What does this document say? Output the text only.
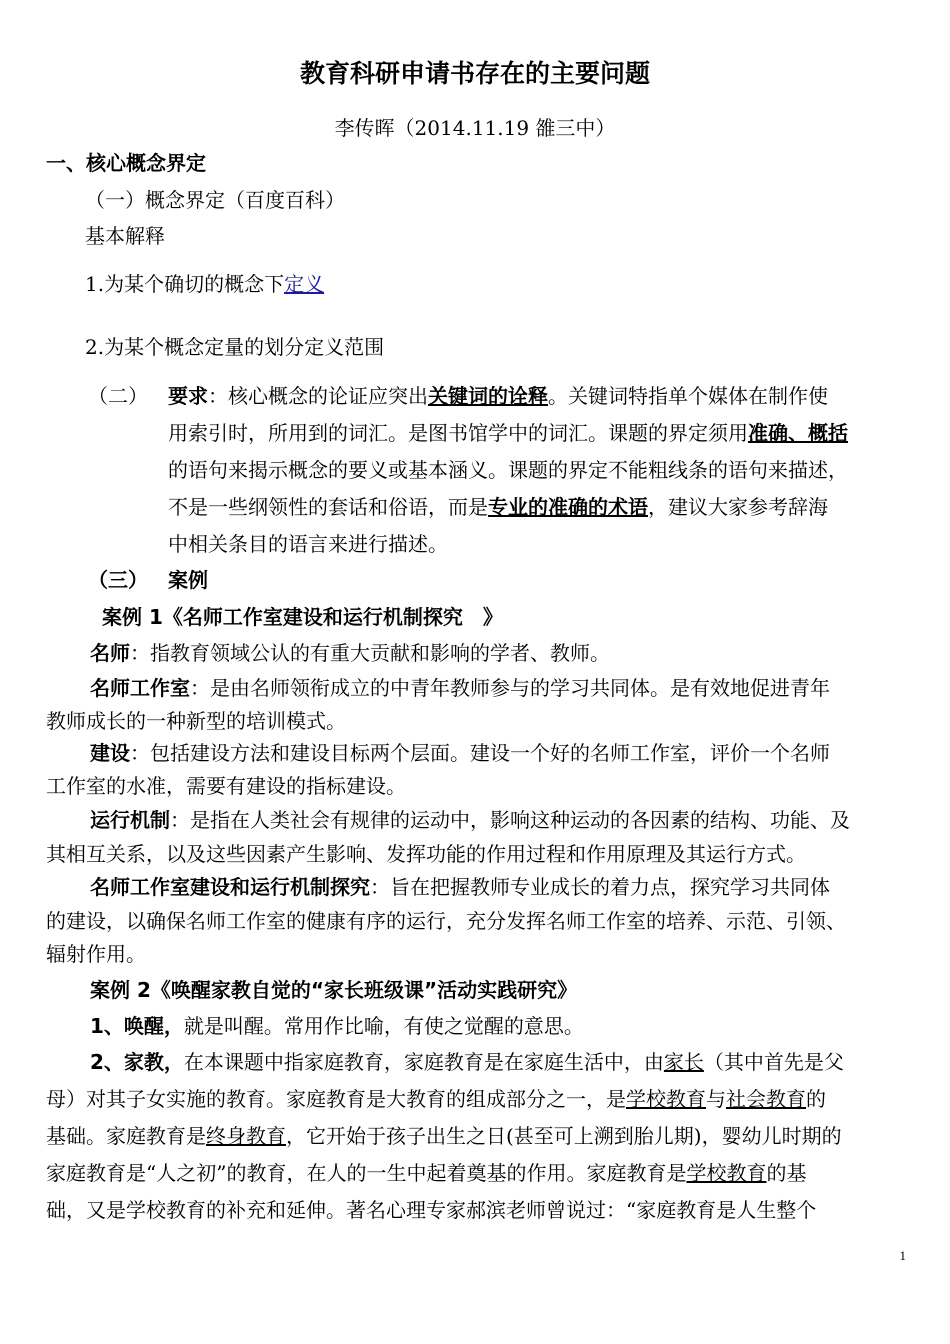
教育科研申请书存在的主要问题
李传晖（2014.11.19 雒三中）
一、核心概念界定
（一）概念界定（百度百科）
基本解释
1.为某个确切的概念下定义
2.为某个概念定量的划分定义范围
（二） 要求：核心概念的论证应突出关键词的诠释。关键词特指单个媒体在制作使
用索引时，所用到的词汇。是图书馆学中的词汇。课题的界定须用准确、概括
的语句来揭示概念的要义或基本涵义。课题的界定不能粗线条的语句来描述，
不是一些纲领性的套话和俗语，而是专业的准确的术语，建议大家参考辞海
中相关条目的语言来进行描述。
（三） 案例
案例 1《名师工作室建设和运行机制探究　》
名师：指教育领域公认的有重大贡献和影响的学者、教师。
名师工作室：是由名师领衔成立的中青年教师参与的学习共同体。是有效地促进青年
教师成长的一种新型的培训模式。
建设：包括建设方法和建设目标两个层面。建设一个好的名师工作室，评价一个名师
工作室的水准，需要有建设的指标建设。
运行机制：是指在人类社会有规律的运动中，影响这种运动的各因素的结构、功能、及
其相互关系，以及这些因素产生影响、发挥功能的作用过程和作用原理及其运行方式。
名师工作室建设和运行机制探究：旨在把握教师专业成长的着力点，探究学习共同体
的建设，以确保名师工作室的健康有序的运行，充分发挥名师工作室的培养、示范、引领、
辐射作用。
案例 2《唤醒家教自觉的“家长班级课”活动实践研究》
1、唤醒，就是叫醒。常用作比喻，有使之觉醒的意思。
2、家教，在本课题中指家庭教育，家庭教育是在家庭生活中，由家长（其中首先是父
母）对其子女实施的教育。家庭教育是大教育的组成部分之一，是学校教育与社会教育的
基础。家庭教育是终身教育，它开始于孩子出生之日(甚至可上溯到胎儿期)，婴幼儿时期的
家庭教育是“人之初”的教育，在人的一生中起着奠基的作用。家庭教育是学校教育的基
础，又是学校教育的补充和延伸。著名心理专家郝滨老师曾说过：“家庭教育是人生整个
1
